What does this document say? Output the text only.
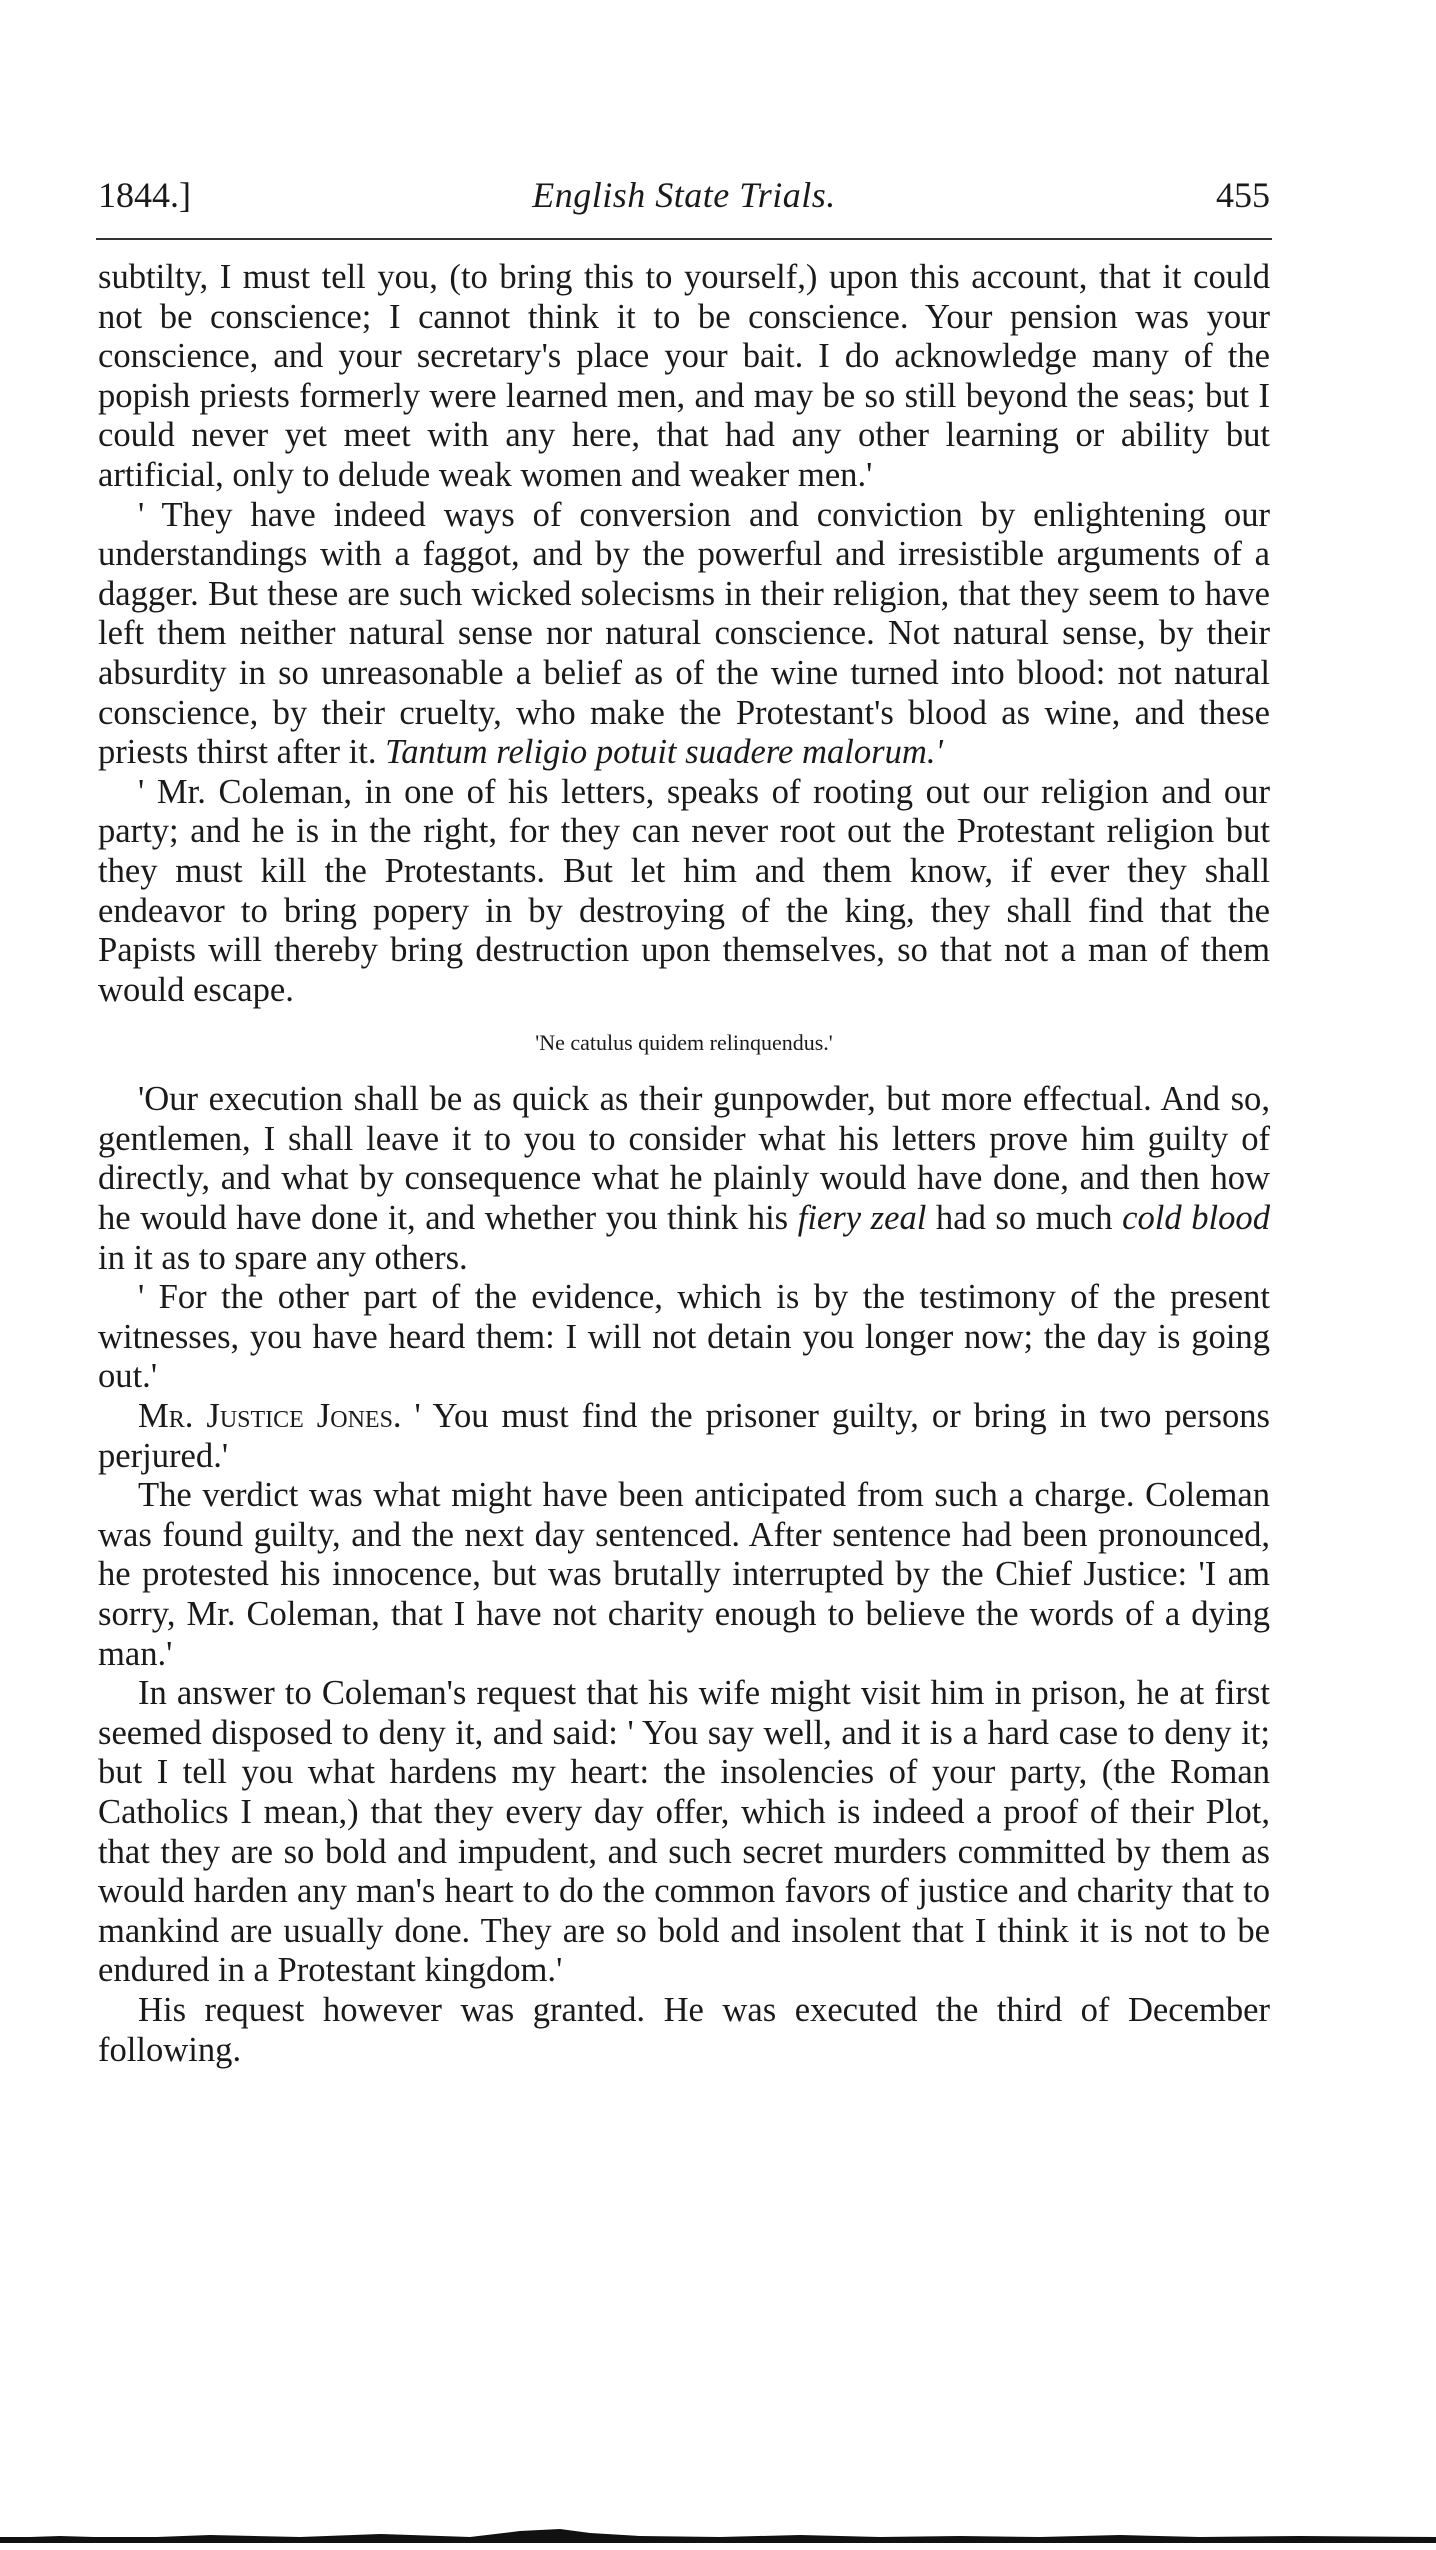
1844.]	English State Trials.	455

subtilty, I must tell you, (to bring this to yourself,) upon this account, that it could not be conscience; I cannot think it to be conscience. Your pension was your conscience, and your secretary's place your bait. I do acknowledge many of the popish priests formerly were learned men, and may be so still beyond the seas; but I could never yet meet with any here, that had any other learning or ability but artificial, only to delude weak women and weaker men.'

' They have indeed ways of conversion and conviction by enlightening our understandings with a faggot, and by the powerful and irresistible arguments of a dagger. But these are such wicked solecisms in their religion, that they seem to have left them neither natural sense nor natural conscience. Not natural sense, by their absurdity in so unreasonable a belief as of the wine turned into blood: not natural conscience, by their cruelty, who make the Protestant's blood as wine, and these priests thirst after it. Tantum religio potuit suadere malorum.'

' Mr. Coleman, in one of his letters, speaks of rooting out our religion and our party; and he is in the right, for they can never root out the Protestant religion but they must kill the Protestants. But let him and them know, if ever they shall endeavor to bring popery in by destroying of the king, they shall find that the Papists will thereby bring destruction upon themselves, so that not a man of them would escape.

'Ne catulus quidem relinquendus.'

'Our execution shall be as quick as their gunpowder, but more effectual. And so, gentlemen, I shall leave it to you to consider what his letters prove him guilty of directly, and what by consequence what he plainly would have done, and then how he would have done it, and whether you think his fiery zeal had so much cold blood in it as to spare any others.

' For the other part of the evidence, which is by the testimony of the present witnesses, you have heard them: I will not detain you longer now; the day is going out.'

Mr. Justice Jones. ' You must find the prisoner guilty, or bring in two persons perjured.'

The verdict was what might have been anticipated from such a charge. Coleman was found guilty, and the next day sentenced. After sentence had been pronounced, he protested his innocence, but was brutally interrupted by the Chief Justice: 'I am sorry, Mr. Coleman, that I have not charity enough to believe the words of a dying man.'

In answer to Coleman's request that his wife might visit him in prison, he at first seemed disposed to deny it, and said: ' You say well, and it is a hard case to deny it; but I tell you what hardens my heart: the insolencies of your party, (the Roman Catholics I mean,) that they every day offer, which is indeed a proof of their Plot, that they are so bold and impudent, and such secret murders committed by them as would harden any man's heart to do the common favors of justice and charity that to mankind are usually done. They are so bold and insolent that I think it is not to be endured in a Protestant kingdom.'

His request however was granted. He was executed the third of December following.
